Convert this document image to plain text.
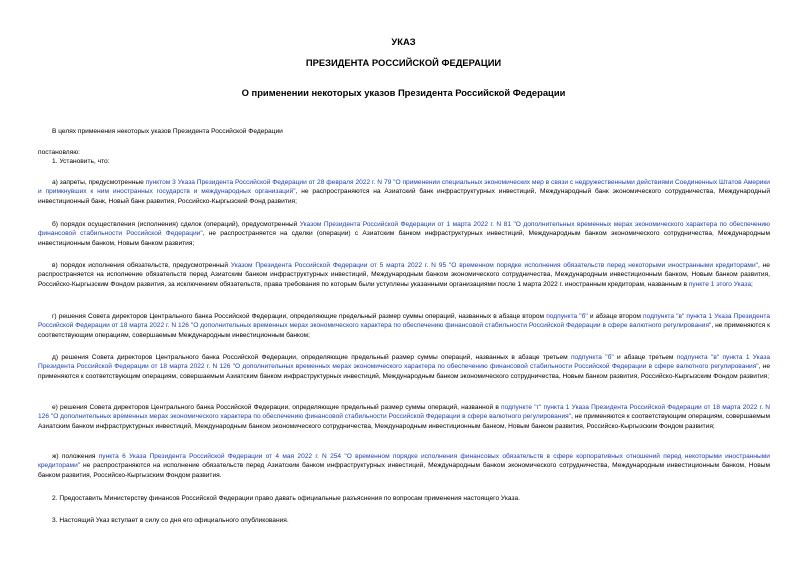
УКАЗ
ПРЕЗИДЕНТА РОССИЙСКОЙ ФЕДЕРАЦИИ
О применении некоторых указов Президента Российской Федерации
В целях применения некоторых указов Президента Российской Федерации
постановляю:
1. Установить, что:
а) запреты, предусмотренные пунктом 3 Указа Президента Российской Федерации от 28 февраля 2022 г. N 79 "О применении специальных экономических мер в связи с недружественными действиями Соединенных Штатов Америки и примкнувших к ним иностранных государств и международных организаций", не распространяются на Азиатский банк инфраструктурных инвестиций, Международный банк экономического сотрудничества, Международный инвестиционный банк, Новый банк развития, Российско-Кыргызский Фонд развития;
б) порядок осуществления (исполнения) сделок (операций), предусмотренный Указом Президента Российской Федерации от 1 марта 2022 г. N 81 "О дополнительных временных мерах экономического характера по обеспечению финансовой стабильности Российской Федерации", не распространяется на сделки (операции) с Азиатским банком инфраструктурных инвестиций, Международным банком экономического сотрудничества, Международным инвестиционным банком, Новым банком развития;
в) порядок исполнения обязательств, предусмотренный Указом Президента Российской Федерации от 5 марта 2022 г. N 95 "О временном порядке исполнения обязательств перед некоторыми иностранными кредиторами", не распространяется на исполнение обязательств перед Азиатским банком инфраструктурных инвестиций, Международным банком экономического сотрудничества, Международным инвестиционным банком, Новым банком развития, Российско-Кыргызским Фондом развития, за исключением обязательств, права требования по которым были уступлены указанными организациями после 1 марта 2022 г. иностранным кредиторам, названным в пункте 1 этого Указа;
г) решения Совета директоров Центрального банка Российской Федерации, определяющие предельный размер суммы операций, названных в абзаце втором подпункта "б" и абзаце втором подпункта "в" пункта 1 Указа Президента Российской Федерации от 18 марта 2022 г. N 126 "О дополнительных временных мерах экономического характера по обеспечению финансовой стабильности Российской Федерации в сфере валютного регулирования", не применяются к соответствующим операциям, совершаемым Международным инвестиционным банком;
д) решения Совета директоров Центрального банка Российской Федерации, определяющие предельный размер суммы операций, названных в абзаце третьем подпункта "б" и абзаце третьем подпункта "в" пункта 1 Указа Президента Российской Федерации от 18 марта 2022 г. N 126 "О дополнительных временных мерах экономического характера по обеспечению финансовой стабильности Российской Федерации в сфере валютного регулирования", не применяются к соответствующим операциям, совершаемым Азиатским банком инфраструктурных инвестиций, Международным банком экономического сотрудничества, Новым банком развития, Российско-Кыргызским Фондом развития;
е) решения Совета директоров Центрального банка Российской Федерации, определяющие предельный размер суммы операций, названной в подпункте "г" пункта 1 Указа Президента Российской Федерации от 18 марта 2022 г. N 126 "О дополнительных временных мерах экономического характера по обеспечению финансовой стабильности Российской Федерации в сфере валютного регулирования", не применяются к соответствующим операциям, совершаемым Азиатским банком инфраструктурных инвестиций, Международным банком экономического сотрудничества, Международным инвестиционным банком, Новым банком развития, Российско-Кыргызским Фондом развития;
ж) положения пункта 6 Указа Президента Российской Федерации от 4 мая 2022 г. N 254 "О временном порядке исполнения финансовых обязательств в сфере корпоративных отношений перед некоторыми иностранными кредиторами" не распространяются на исполнение обязательств перед Азиатским банком инфраструктурных инвестиций, Международным банком экономического сотрудничества, Международным инвестиционным банком, Новым банком развития, Российско-Кыргызским Фондом развития.
2. Предоставить Министерству финансов Российской Федерации право давать официальные разъяснения по вопросам применения настоящего Указа.
3. Настоящий Указ вступает в силу со дня его официального опубликования.
